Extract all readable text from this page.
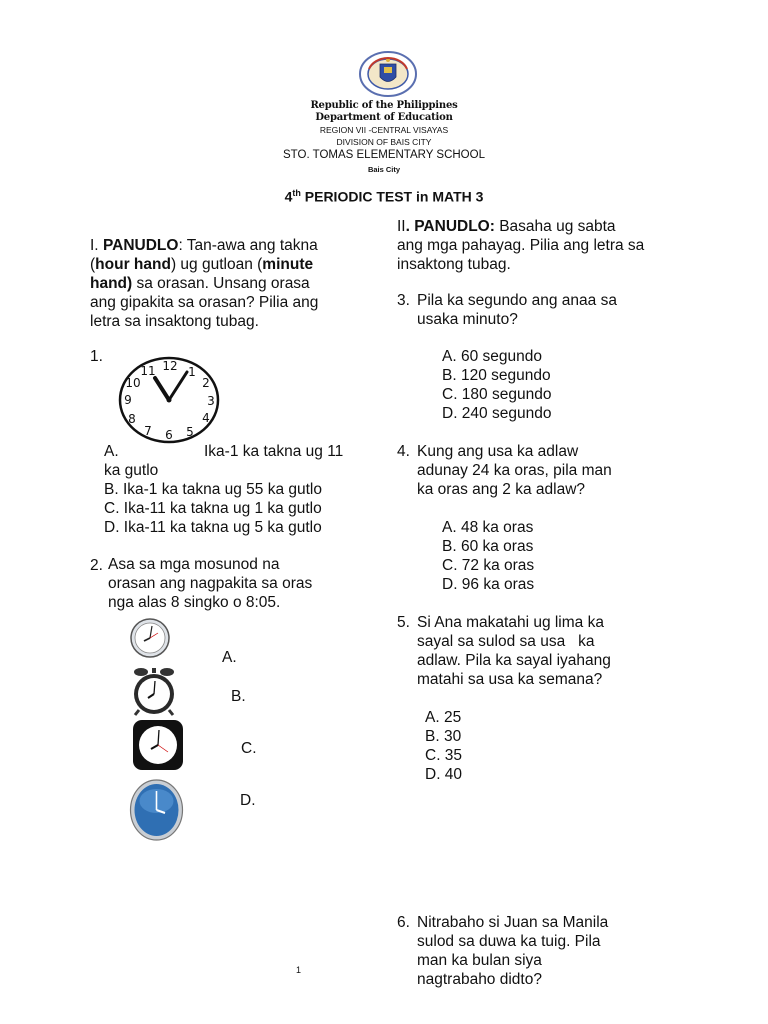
Republic of the Philippines
Department of Education
REGION VII -CENTRAL VISAYAS
DIVISION OF BAIS CITY
STO. TOMAS ELEMENTARY SCHOOL
Bais City
4th PERIODIC TEST in MATH 3
I. PANUDLO: Tan-awa ang takna
(hour hand) ug gutloan (minute
hand) sa orasan. Unsang orasa
ang gipakita sa orasan? Pilia ang
letra sa insaktong tubag.
1.
12 1
2
3
4
5
6
7
8
9
10
11
A.	Ika-1 ka takna ug 11
ka gutlo
B. Ika-1 ka takna ug 55 ka gutlo
C. Ika-11 ka takna ug 1 ka gutlo
D. Ika-11 ka takna ug 5 ka gutlo
2. Asa sa mga mosunod na
orasan ang nagpakita sa oras
nga alas 8 singko o 8:05.
A.
B.
C.
D.
II. PANUDLO: Basaha ug sabta
ang mga pahayag. Pilia ang letra sa
insaktong tubag.
3. Pila ka segundo ang anaa sa
usaka minuto?
A. 60 segundo
B. 120 segundo
C. 180 segundo
D. 240 segundo
4. Kung ang usa ka adlaw
adunay 24 ka oras, pila man
ka oras ang 2 ka adlaw?
A. 48 ka oras
B. 60 ka oras
C. 72 ka oras
D. 96 ka oras
5. Si Ana makatahi ug lima ka
sayal sa sulod sa usa   ka
adlaw. Pila ka sayal iyahang
matahi sa usa ka semana?
A. 25
B. 30
C. 35
D. 40
6. Nitrabaho si Juan sa Manila
sulod sa duwa ka tuig. Pila
man ka bulan siya
nagtrabaho didto?
1
